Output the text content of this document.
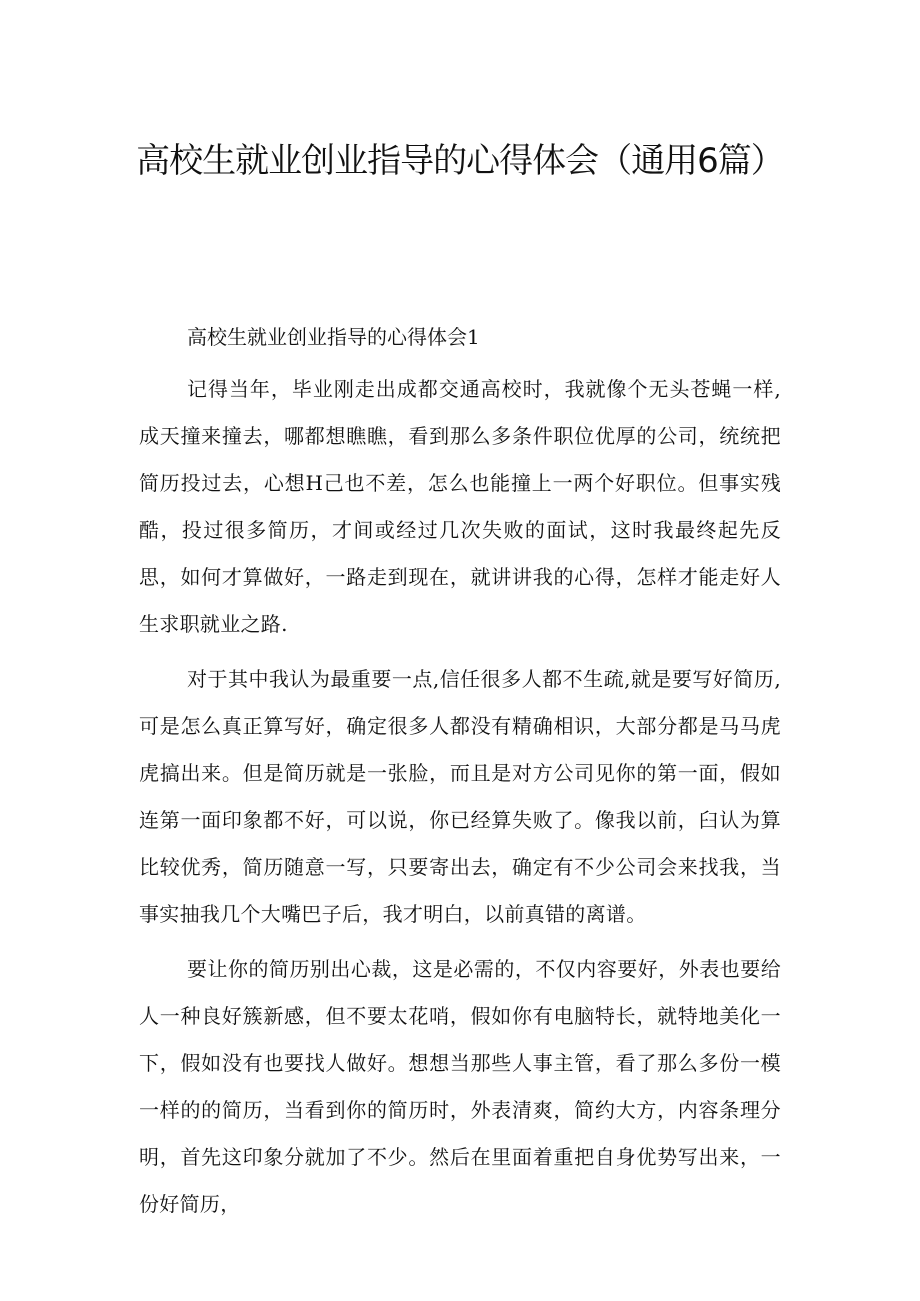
高校生就业创业指导的心得体会（通用6篇）

高校生就业创业指导的心得体会1

记得当年，毕业刚走出成都交通高校时，我就像个无头苍蝇一样,成天撞来撞去，哪都想瞧瞧，看到那么多条件职位优厚的公司，统统把简历投过去，心想H己也不差，怎么也能撞上一两个好职位。但事实残酷，投过很多简历，才间或经过几次失败的面试，这时我最终起先反思，如何才算做好，一路走到现在，就讲讲我的心得，怎样才能走好人生求职就业之路.

对于其中我认为最重要一点,信任很多人都不生疏,就是要写好简历,可是怎么真正算写好，确定很多人都没有精确相识，大部分都是马马虎虎搞出来。但是简历就是一张脸，而且是对方公司见你的第一面，假如连第一面印象都不好，可以说，你已经算失败了。像我以前，臼认为算比较优秀，简历随意一写，只要寄出去，确定有不少公司会来找我，当事实抽我几个大嘴巴子后，我才明白，以前真错的离谱。

要让你的简历别出心裁，这是必需的，不仅内容要好，外表也要给人一种良好簇新感，但不要太花哨，假如你有电脑特长，就特地美化一下，假如没有也要找人做好。想想当那些人事主管，看了那么多份一模一样的的简历，当看到你的简历时，外表清爽，简约大方，内容条理分明，首先这印象分就加了不少。然后在里面着重把自身优势写出来，一份好简历，
